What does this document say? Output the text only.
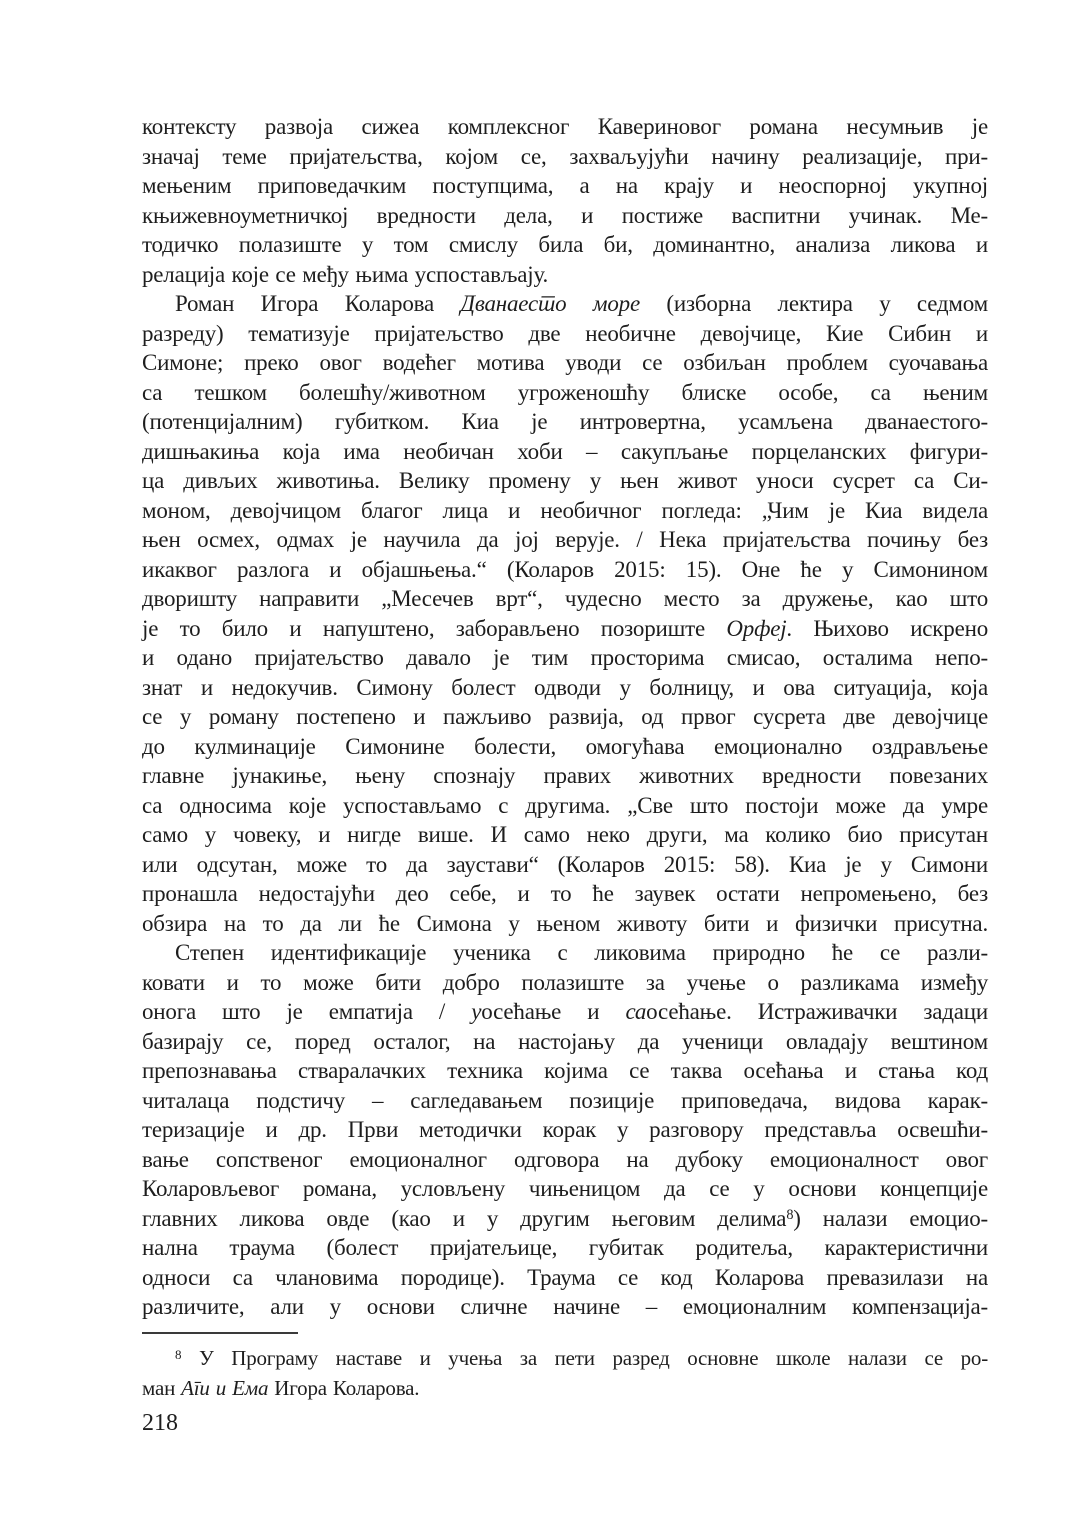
контексту развоја сижеа комплексног Кавериновог романа несумњив је
значај теме пријатељства, којом се, захваљујући начину реализације, при-
мењеним приповедачким поступцима, а на крају и неоспорној укупној
књижевноуметничкој вредности дела, и постиже васпитни учинак. Ме-
тодичко полазиште у том смислу била би, доминантно, анализа ликова и
релација које се међу њима успостављају.
Роман Игора Коларова Дванаесто море (изборна лектира у седмом
разреду) тематизује пријатељство две необичне девојчице, Кие Сибин и
Симоне; преко овог водећег мотива уводи се озбиљан проблем суочавања
са тешком болешћу/животном угроженошћу блиске особе, са њеним
(потенцијалним) губитком. Киа је интровертна, усамљена дванаестого-
дишњакиња која има необичан хоби – сакупљање порцеланских фигури-
ца дивљих животиња. Велику промену у њен живот уноси сусрет са Си-
моном, девојчицом благог лица и необичног погледа: „Чим је Киа видела
њен осмех, одмах је научила да јој верује. / Нека пријатељства почињу без
икаквог разлога и објашњења.“ (Коларов 2015: 15). Оне ће у Симонином
дворишту направити „Месечев врт“, чудесно место за дружење, као што
је то било и напуштено, заборављено позориште Орфеј. Њихово искрено
и одано пријатељство давало је тим просторима смисао, осталима непо-
знат и недокучив. Симону болест одводи у болницу, и ова ситуација, која
се у роману постепено и пажљиво развија, од првог сусрета две девојчице
до кулминације Симонине болести, омогућава емоционално оздрављење
главне јунакиње, њену спознају правих животних вредности повезаних
са односима које успостављамо с другима. „Све што постоји може да умре
само у човеку, и нигде више. И само неко други, ма колико био присутан
или одсутан, може то да заустави“ (Коларов 2015: 58). Киа је у Симони
пронашла недостајући део себе, и то ће заувек остати непромењено, без
обзира на то да ли ће Симона у њеном животу бити и физички присутна.
Степен идентификације ученика с ликовима природно ће се разли-
ковати и то може бити добро полазиште за учење о разликама између
онога што је емпатија / уосећање и саосећање. Истраживачки задаци
базирају се, поред осталог, на настојању да ученици овладају вештином
препознавања стваралачких техника којима се таква осећања и стања код
читалаца подстичу – сагледавањем позиције приповедача, видова карак-
теризације и др. Први методички корак у разговору представља освешћи-
вање сопственог емоционалног одговора на дубоку емоционалност овог
Коларовљевог романа, условљену чињеницом да се у основи концепције
главних ликова овде (као и у другим његовим делима$^8$) налази емоцио-
нална траума (болест пријатељице, губитак родитеља, карактеристични
односи са члановима породице). Траума се код Коларова превазилази на
различите, али у основи сличне начине – емоционалним компензација-
$^8$ У Програму наставе и учења за пети разред основне школе налази се ро-
ман Аги и Ема Игора Коларова.
218
